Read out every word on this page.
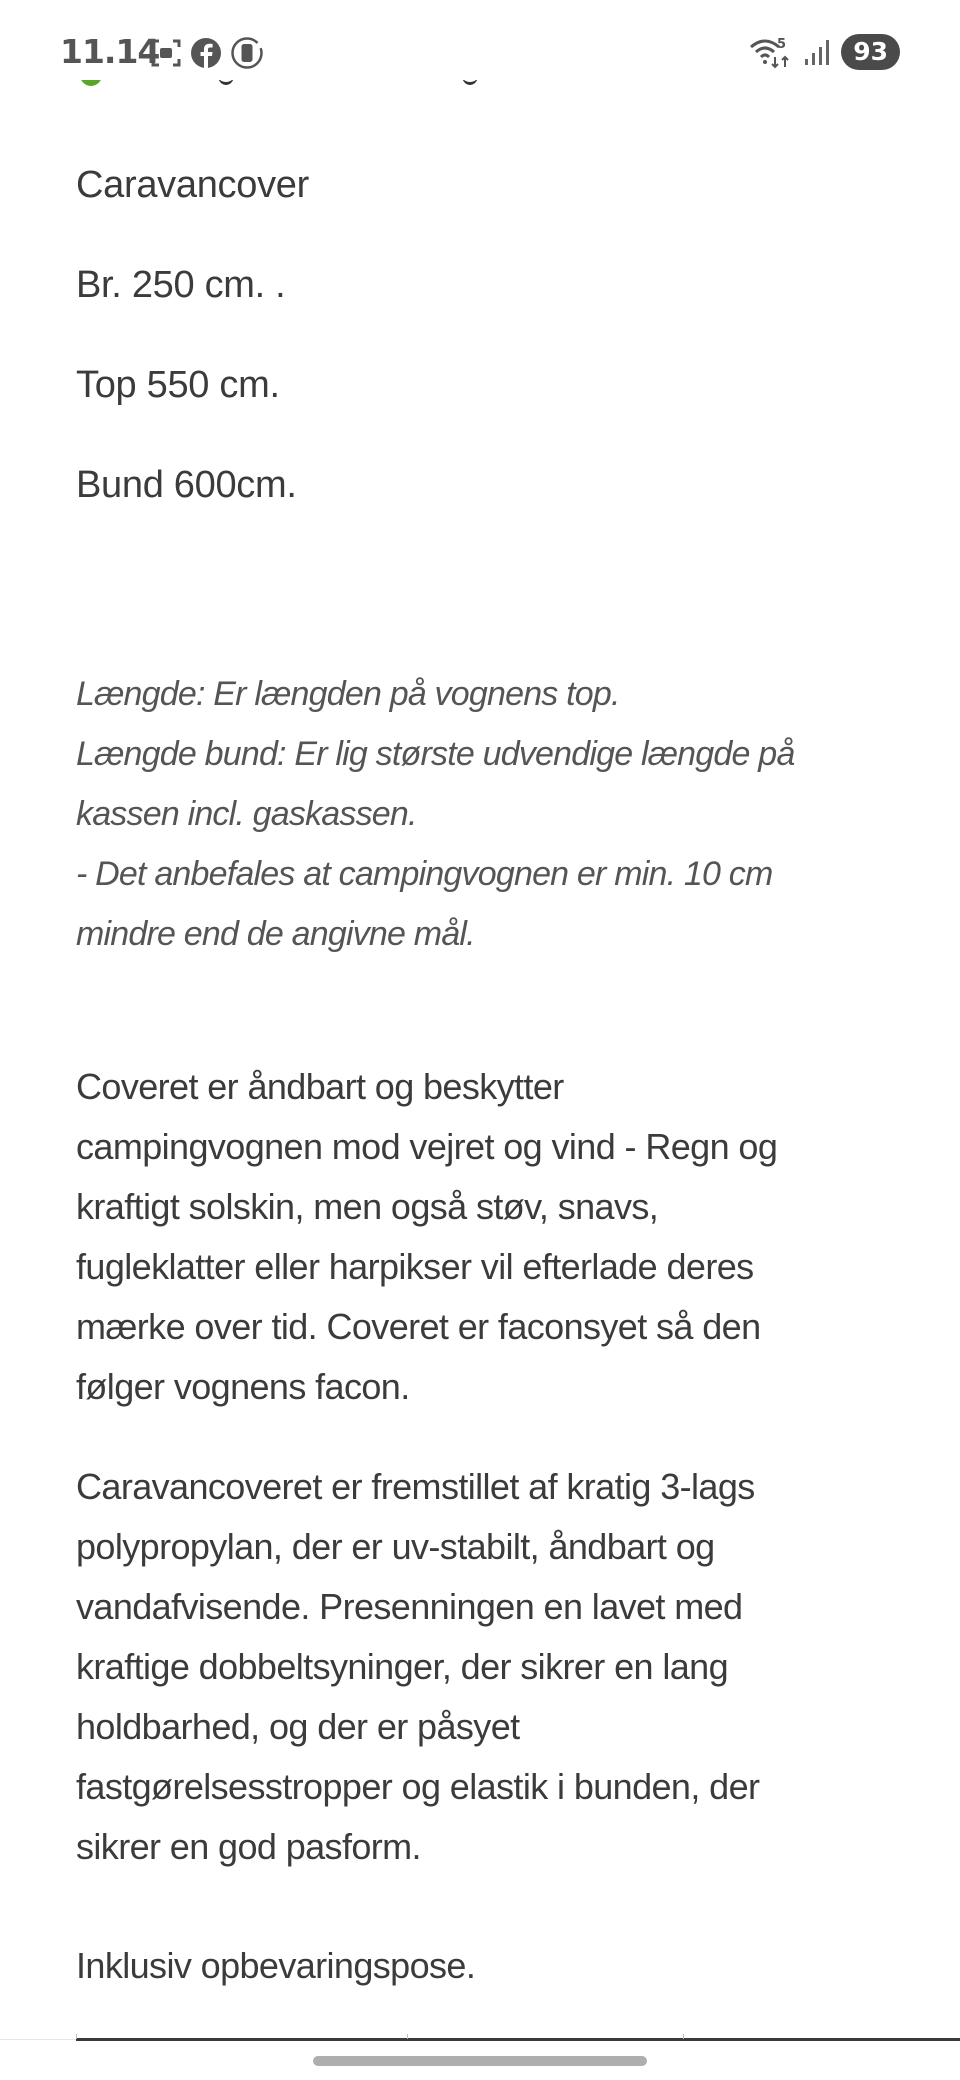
11.14	5	93
Caravancover
Br. 250 cm. .
Top 550 cm.
Bund 600cm.
Længde: Er længden på vognens top.
Længde bund: Er lig største udvendige længde på
kassen incl. gaskassen.
- Det anbefales at campingvognen er min. 10 cm
mindre end de angivne mål.
Coveret er åndbart og beskytter
campingvognen mod vejret og vind - Regn og
kraftigt solskin, men også støv, snavs,
fugleklatter eller harpikser vil efterlade deres
mærke over tid. Coveret er faconsyet så den
følger vognens facon.
Caravancoveret er fremstillet af kratig 3-lags
polypropylan, der er uv-stabilt, åndbart og
vandafvisende. Presenningen en lavet med
kraftige dobbeltsyninger, der sikrer en lang
holdbarhed, og der er påsyet
fastgørelsesstropper og elastik i bunden, der
sikrer en god pasform.
Inklusiv opbevaringspose.
